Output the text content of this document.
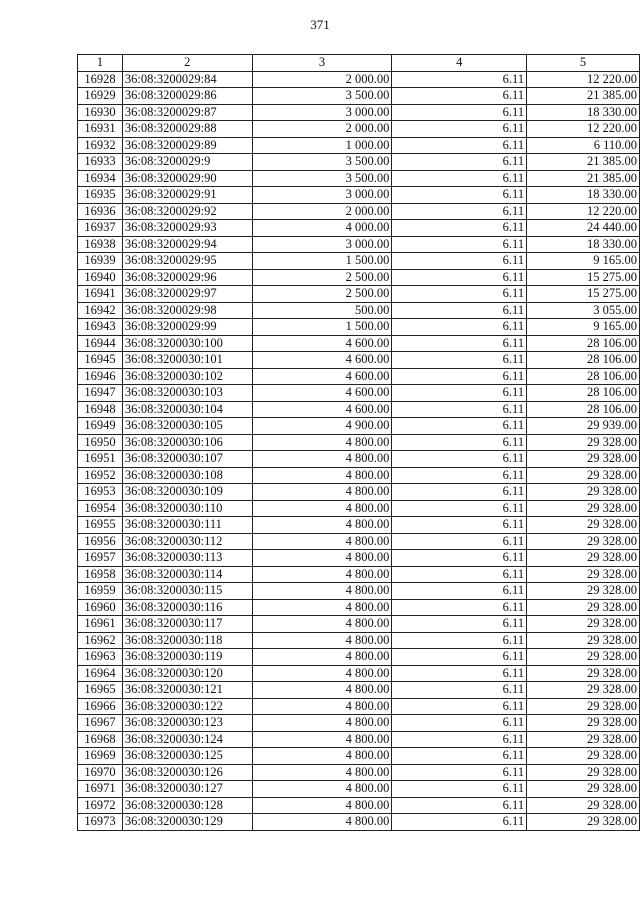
371
1	2	3	4	5
16928	36:08:3200029:84	2 000.00	6.11	12 220.00
16929	36:08:3200029:86	3 500.00	6.11	21 385.00
16930	36:08:3200029:87	3 000.00	6.11	18 330.00
16931	36:08:3200029:88	2 000.00	6.11	12 220.00
16932	36:08:3200029:89	1 000.00	6.11	6 110.00
16933	36:08:3200029:9	3 500.00	6.11	21 385.00
16934	36:08:3200029:90	3 500.00	6.11	21 385.00
16935	36:08:3200029:91	3 000.00	6.11	18 330.00
16936	36:08:3200029:92	2 000.00	6.11	12 220.00
16937	36:08:3200029:93	4 000.00	6.11	24 440.00
16938	36:08:3200029:94	3 000.00	6.11	18 330.00
16939	36:08:3200029:95	1 500.00	6.11	9 165.00
16940	36:08:3200029:96	2 500.00	6.11	15 275.00
16941	36:08:3200029:97	2 500.00	6.11	15 275.00
16942	36:08:3200029:98	500.00	6.11	3 055.00
16943	36:08:3200029:99	1 500.00	6.11	9 165.00
16944	36:08:3200030:100	4 600.00	6.11	28 106.00
16945	36:08:3200030:101	4 600.00	6.11	28 106.00
16946	36:08:3200030:102	4 600.00	6.11	28 106.00
16947	36:08:3200030:103	4 600.00	6.11	28 106.00
16948	36:08:3200030:104	4 600.00	6.11	28 106.00
16949	36:08:3200030:105	4 900.00	6.11	29 939.00
16950	36:08:3200030:106	4 800.00	6.11	29 328.00
16951	36:08:3200030:107	4 800.00	6.11	29 328.00
16952	36:08:3200030:108	4 800.00	6.11	29 328.00
16953	36:08:3200030:109	4 800.00	6.11	29 328.00
16954	36:08:3200030:110	4 800.00	6.11	29 328.00
16955	36:08:3200030:111	4 800.00	6.11	29 328.00
16956	36:08:3200030:112	4 800.00	6.11	29 328.00
16957	36:08:3200030:113	4 800.00	6.11	29 328.00
16958	36:08:3200030:114	4 800.00	6.11	29 328.00
16959	36:08:3200030:115	4 800.00	6.11	29 328.00
16960	36:08:3200030:116	4 800.00	6.11	29 328.00
16961	36:08:3200030:117	4 800.00	6.11	29 328.00
16962	36:08:3200030:118	4 800.00	6.11	29 328.00
16963	36:08:3200030:119	4 800.00	6.11	29 328.00
16964	36:08:3200030:120	4 800.00	6.11	29 328.00
16965	36:08:3200030:121	4 800.00	6.11	29 328.00
16966	36:08:3200030:122	4 800.00	6.11	29 328.00
16967	36:08:3200030:123	4 800.00	6.11	29 328.00
16968	36:08:3200030:124	4 800.00	6.11	29 328.00
16969	36:08:3200030:125	4 800.00	6.11	29 328.00
16970	36:08:3200030:126	4 800.00	6.11	29 328.00
16971	36:08:3200030:127	4 800.00	6.11	29 328.00
16972	36:08:3200030:128	4 800.00	6.11	29 328.00
16973	36:08:3200030:129	4 800.00	6.11	29 328.00
